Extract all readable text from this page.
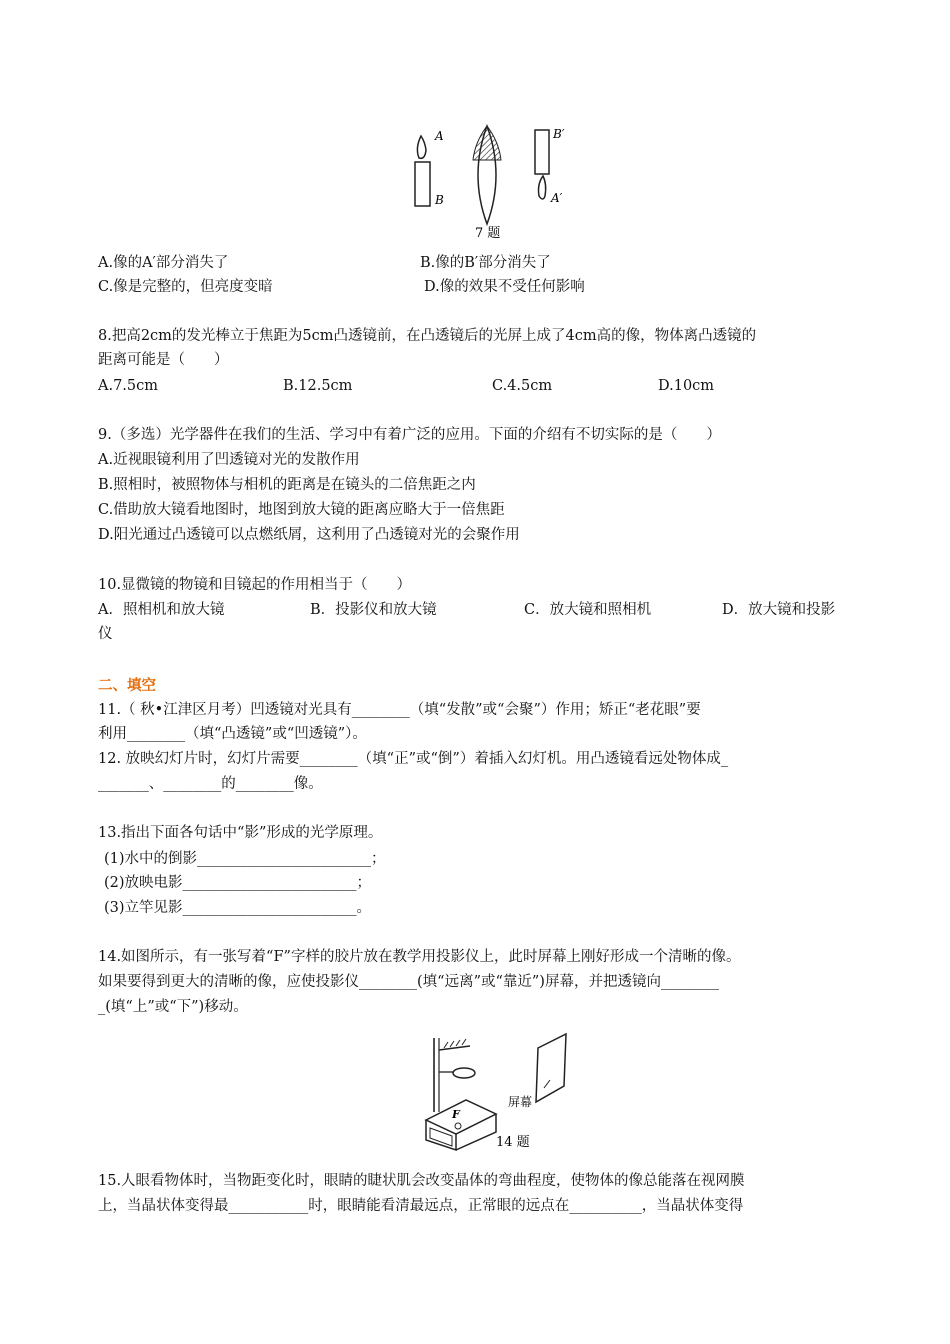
A
B
B′
A′
7 题
A.像的A′部分消失了	B.像的B′部分消失了
C.像是完整的，但亮度变暗	D.像的效果不受任何影响
8.把高2cm的发光棒立于焦距为5cm凸透镜前，在凸透镜后的光屏上成了4cm高的像，物体离凸透镜的
距离可能是（　　）
A.7.5cm	B.12.5cm	C.4.5cm	D.10cm
9.（多选）光学器件在我们的生活、学习中有着广泛的应用。下面的介绍有不切实际的是（　　）
A.近视眼镜利用了凹透镜对光的发散作用
B.照相时，被照物体与相机的距离是在镜头的二倍焦距之内
C.借助放大镜看地图时，地图到放大镜的距离应略大于一倍焦距
D.阳光通过凸透镜可以点燃纸屑，这利用了凸透镜对光的会聚作用
10.显微镜的物镜和目镜起的作用相当于（　　）
A．照相机和放大镜	B．投影仪和放大镜	C．放大镜和照相机	D．放大镜和投影
仪
二、填空
11.（ 秋•江津区月考）凹透镜对光具有________（填“发散”或“会聚”）作用；矫正“老花眼”要
利用________（填“凸透镜”或“凹透镜”）。
12. 放映幻灯片时，幻灯片需要________（填“正”或“倒”）着插入幻灯机。用凸透镜看远处物体成_
_______、________的________像。
13.指出下面各句话中“影”形成的光学原理。
(1)水中的倒影________________________；
(2)放映电影________________________；
(3)立竿见影________________________。
14.如图所示，有一张写着“F”字样的胶片放在教学用投影仪上，此时屏幕上刚好形成一个清晰的像。
如果要得到更大的清晰的像，应使投影仪________(填“远离”或“靠近”)屏幕，并把透镜向________
_(填“上”或“下”)移动。
F
屏幕
14 题
15.人眼看物体时，当物距变化时，眼睛的睫状肌会改变晶体的弯曲程度，使物体的像总能落在视网膜
上，当晶状体变得最___________时，眼睛能看清最远点，正常眼的远点在__________，当晶状体变得
